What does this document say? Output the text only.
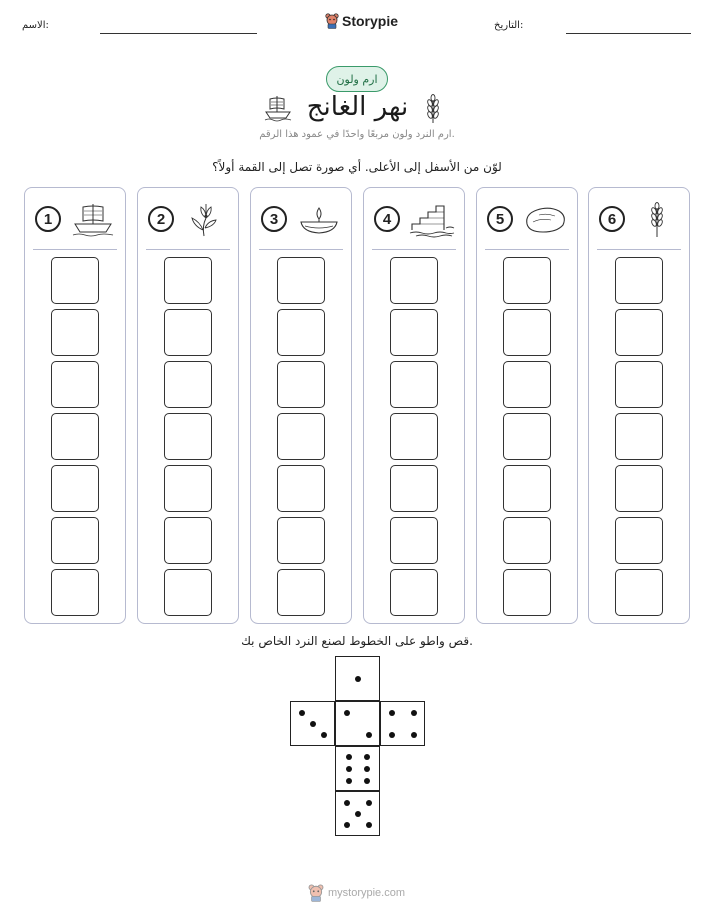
الاسم:	Storypie	التاريخ:
ارم ولون
نهر الغانج
ارم النرد ولون مربعًا واحدًا في عمود هذا الرقم.
لوّن من الأسفل إلى الأعلى. أي صورة تصل إلى القمة أولاً؟
1	2	3	4	5	6
قص واطو على الخطوط لصنع النرد الخاص بك.
mystorypie.com
